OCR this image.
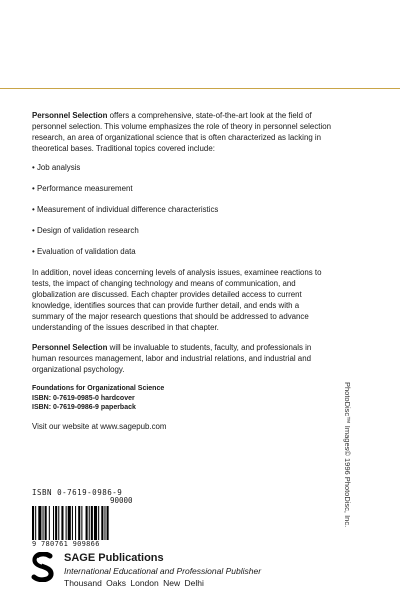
Personnel Selection offers a comprehensive, state-of-the-art look at the field of personnel selection. This volume emphasizes the role of theory in personnel selection research, an area of organizational science that is often characterized as lacking in theoretical bases. Traditional topics covered include:

• Job analysis
• Performance measurement
• Measurement of individual difference characteristics
• Design of validation research
• Evaluation of validation data

In addition, novel ideas concerning levels of analysis issues, examinee reactions to tests, the impact of changing technology and means of communication, and globalization are discussed. Each chapter provides detailed access to current knowledge, identifies sources that can provide further detail, and ends with a summary of the major research questions that should be addressed to advance understanding of the issues described in that chapter.

Personnel Selection will be invaluable to students, faculty, and professionals in human resources management, labor and industrial relations, and industrial and organizational psychology.

Foundations for Organizational Science
ISBN: 0-7619-0985-0 hardcover
ISBN: 0-7619-0986-9 paperback
Visit our website at www.sagepub.com
ISBN 0-7619-0986-9
90000
9 780761 909866
SAGE Publications
International Educational and Professional Publisher
Thousand Oaks London New Delhi
PhotoDisc™ Images© 1996 PhotoDisc, Inc.
